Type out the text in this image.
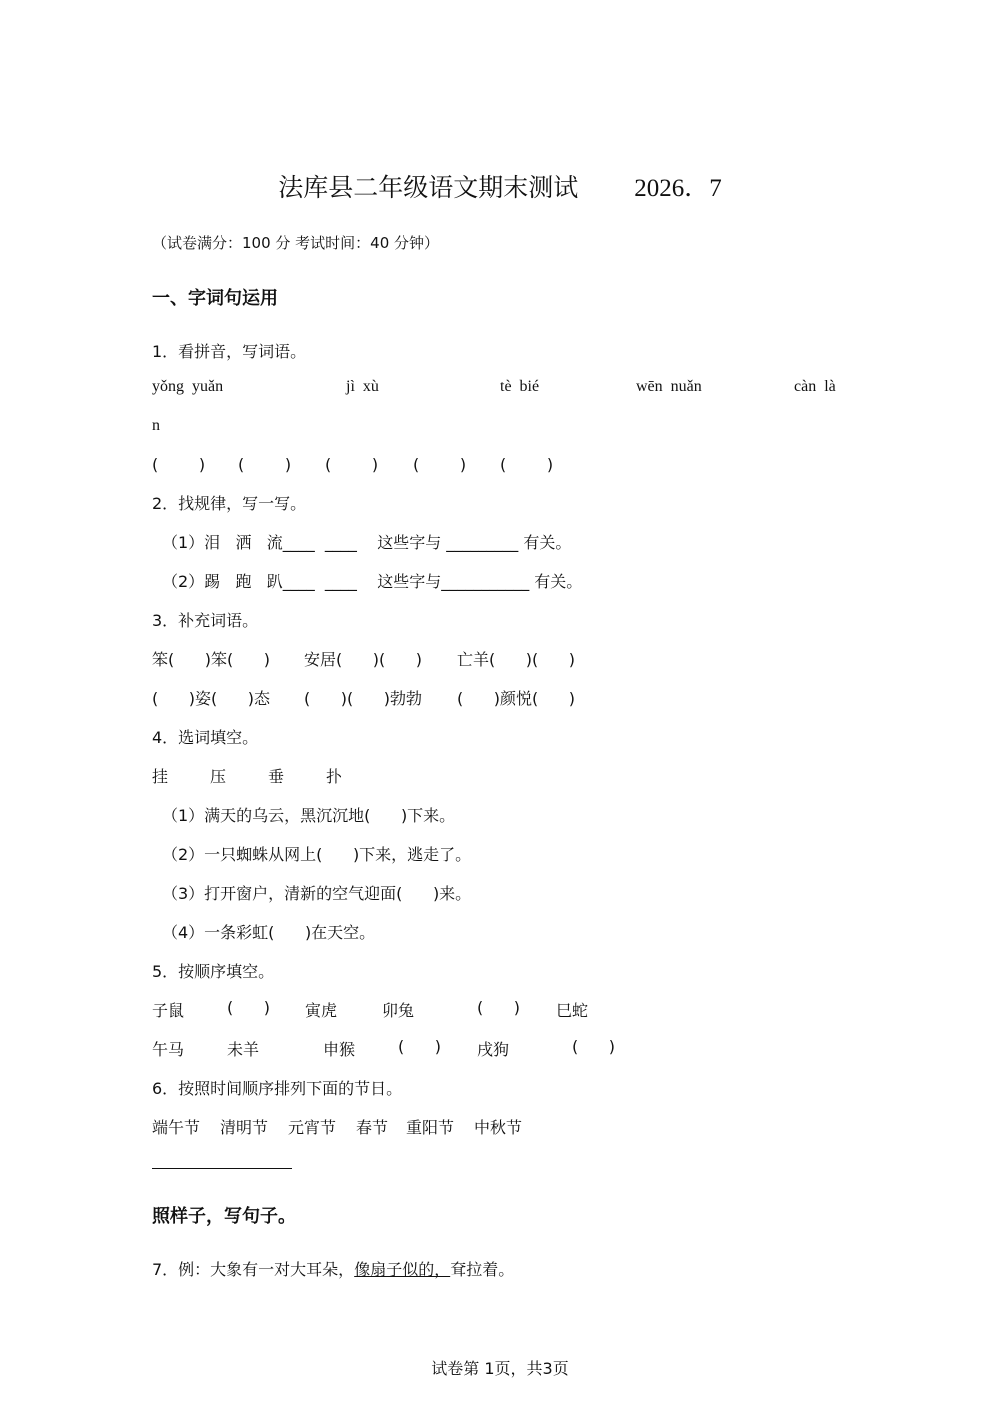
法库县二年级语文期末测试 2026．7
（试卷满分：100 分 考试时间：40 分钟）
一、字词句运用
1．看拼音，写词语。
yǒng  yuǎn	jì  xù	tè  bié	wēn  nuǎn	càn  là
n
(        ) (        ) (        ) (        ) (        )
2．找规律，写一写。
（1）泪   洒   流____  ____    这些字与 _________ 有关。
（2）踢   跑   趴____  ____    这些字与___________ 有关。
3．补充词语。
笨(      )笨(      ) 安居(      )(      ) 亡羊(      )(      )
(      )姿(      )态 (      )(      )勃勃 (      )颜悦(      )
4．选词填空。
挂	压	垂	扑
（1）满天的乌云，黑沉沉地(      )下来。
（2）一只蜘蛛从网上(      )下来，逃走了。
（3）打开窗户，清新的空气迎面(      )来。
（4）一条彩虹(      )在天空。
5．按顺序填空。
子鼠	(      ) 寅虎	卯兔	(      ) 巳蛇
午马	未羊	申猴	(      ) 戌狗	(      )
6．按照时间顺序排列下面的节日。
端午节 清明节 元宵节 春节 重阳节 中秋节
照样子，写句子。
7．例：大象有一对大耳朵，像扇子似的，耷拉着。
试卷第 1页，共3页
